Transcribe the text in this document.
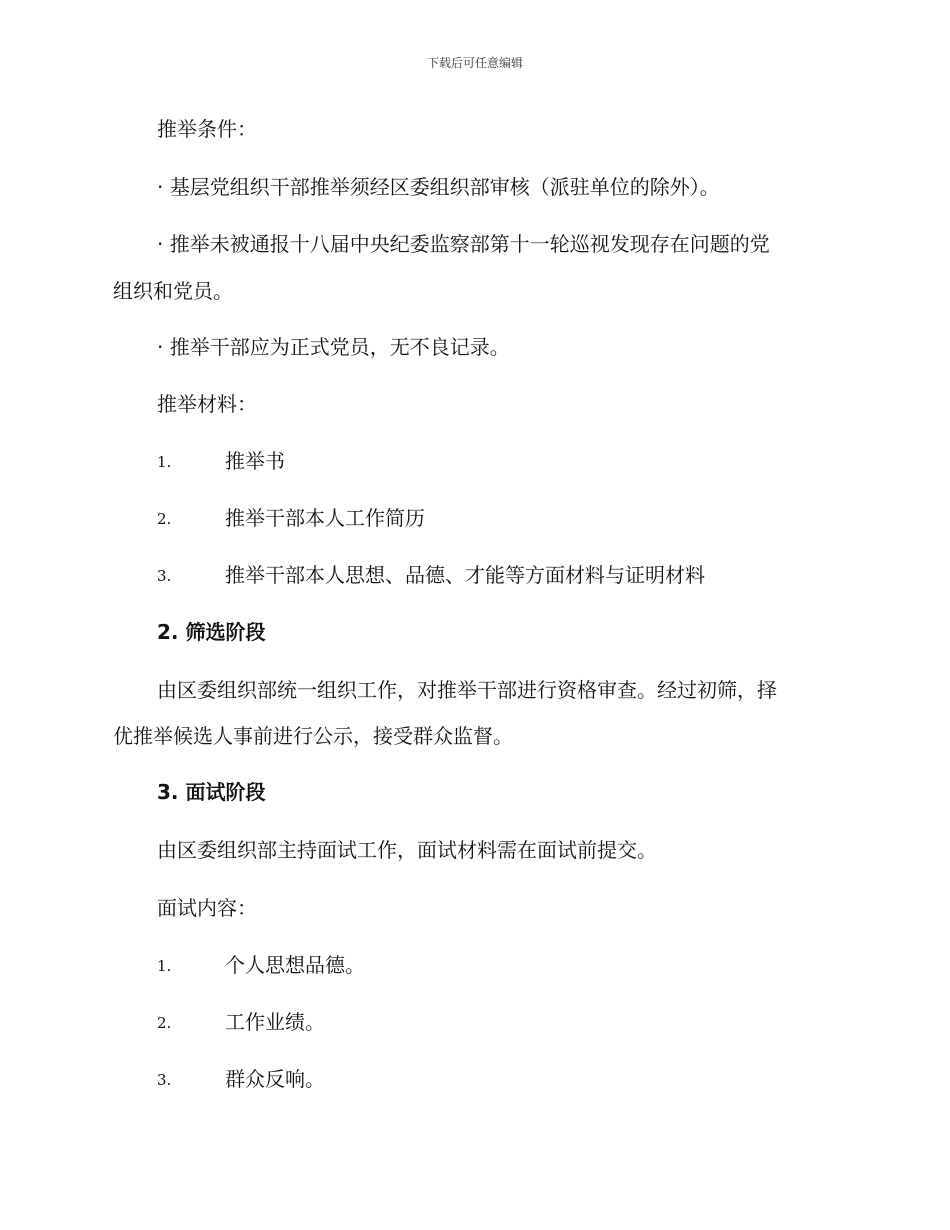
下载后可任意编辑
推举条件：
· 基层党组织干部推举须经区委组织部审核（派驻单位的除外）。
· 推举未被通报十八届中央纪委监察部第十一轮巡视发现存在问题的党
组织和党员。
· 推举干部应为正式党员，无不良记录。
推举材料：
1.	推举书
2.	推举干部本人工作简历
3.	推举干部本人思想、品德、才能等方面材料与证明材料
2. 筛选阶段
由区委组织部统一组织工作，对推举干部进行资格审查。经过初筛，择
优推举候选人事前进行公示，接受群众监督。
3. 面试阶段
由区委组织部主持面试工作，面试材料需在面试前提交。
面试内容：
1.	个人思想品德。
2.	工作业绩。
3.	群众反响。
